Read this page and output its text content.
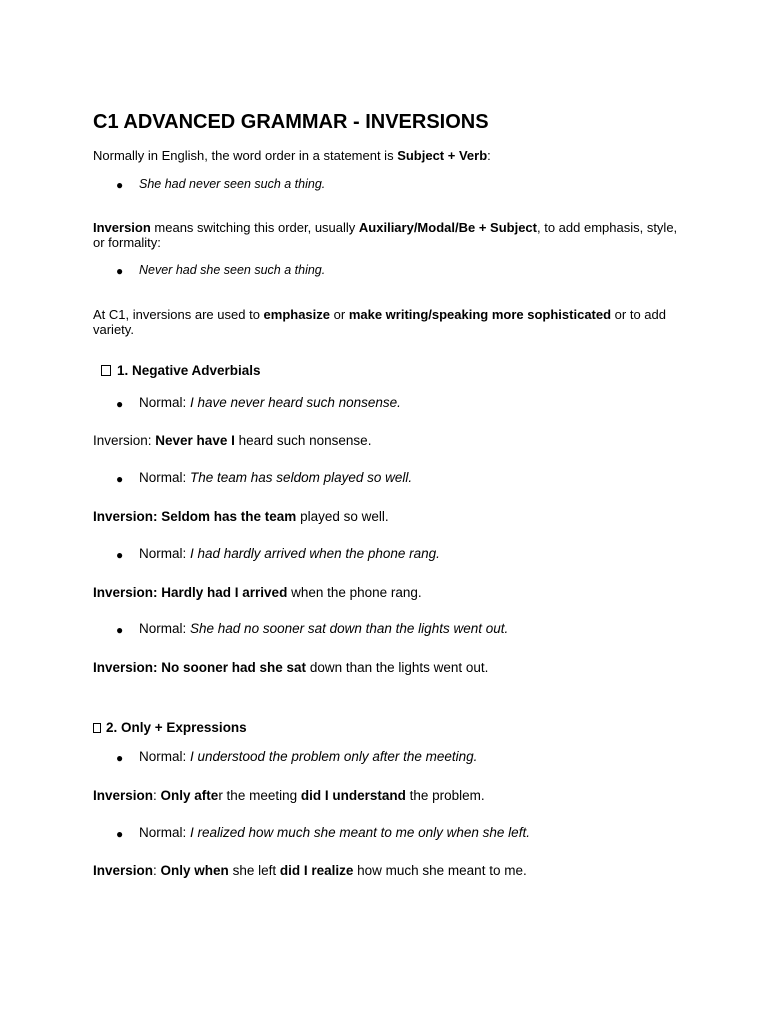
C1 ADVANCED GRAMMAR - INVERSIONS

Normally in English, the word order in a statement is Subject + Verb:

● She had never seen such a thing.

Inversion means switching this order, usually Auxiliary/Modal/Be + Subject, to add emphasis, style,

or formality:

● Never had she seen such a thing.

At C1, inversions are used to emphasize or make writing/speaking more sophisticated or to add

variety.

1. Negative Adverbials

● Normal: I have never heard such nonsense.

Inversion: Never have I heard such nonsense.

● Normal: The team has seldom played so well.

Inversion: Seldom has the team played so well.

● Normal: I had hardly arrived when the phone rang.

Inversion: Hardly had I arrived when the phone rang.

● Normal: She had no sooner sat down than the lights went out.

Inversion: No sooner had she sat down than the lights went out.

2. Only + Expressions

● Normal: I understood the problem only after the meeting.

Inversion: Only after the meeting did I understand the problem.

● Normal: I realized how much she meant to me only when she left.

Inversion: Only when she left did I realize how much she meant to me.
